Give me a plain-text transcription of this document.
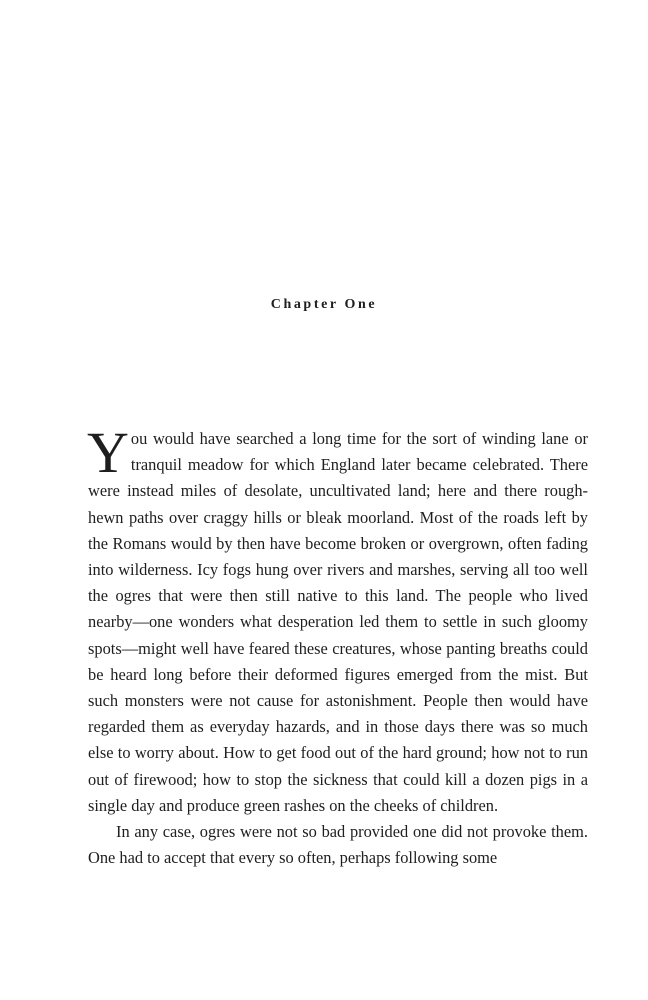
Chapter One

You would have searched a long time for the sort of winding lane or tranquil meadow for which England later became celebrated. There were instead miles of desolate, uncultivated land; here and there rough-hewn paths over craggy hills or bleak moorland. Most of the roads left by the Romans would by then have become broken or overgrown, often fading into wilderness. Icy fogs hung over rivers and marshes, serving all too well the ogres that were then still native to this land. The people who lived nearby—one wonders what desperation led them to settle in such gloomy spots—might well have feared these creatures, whose panting breaths could be heard long before their deformed figures emerged from the mist. But such monsters were not cause for astonishment. People then would have regarded them as everyday hazards, and in those days there was so much else to worry about. How to get food out of the hard ground; how not to run out of firewood; how to stop the sickness that could kill a dozen pigs in a single day and produce green rashes on the cheeks of children.

In any case, ogres were not so bad provided one did not provoke them. One had to accept that every so often, perhaps following some
